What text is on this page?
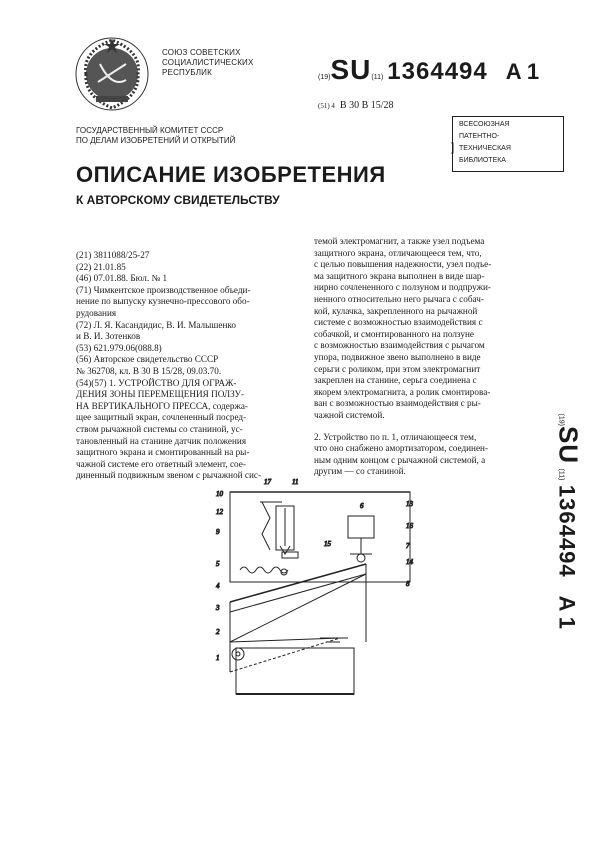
СОЮЗ СОВЕТСКИХ
СОЦИАЛИСТИЧЕСКИХ
РЕСПУБЛИК
(19)SU(11) 1364494 A 1
(51) 4 B 30 B 15/28
ГОСУДАРСТВЕННЫЙ КОМИТЕТ СССР
ПО ДЕЛАМ ИЗОБРЕТЕНИЙ И ОТКРЫТИЙ	]
ВСЕСОЮЗНАЯ
ПАТЕНТНО-
ТЕХНИЧЕСКАЯ
БИБЛИОТЕКА
ОПИСАНИЕ ИЗОБРЕТЕНИЯ
К АВТОРСКОМУ СВИДЕТЕЛЬСТВУ

(21) 3811088/25-27

(22) 21.01.85

(46) 07.01.88. Бюл. № 1

(71) Чимкентское производственное объеди-

нение по выпуску кузнечно-прессового обо-

рудования

(72) Л. Я. Касандидис, В. И. Малышенко

и В. И. Зотенков

(53) 621.979.06(088.8)

(56) Авторское свидетельство СССР

№ 362708, кл. В 30 В 15/28, 09.03.70.

(54)(57) 1. УСТРОЙСТВО ДЛЯ ОГРАЖ-

ДЕНИЯ ЗОНЫ ПЕРЕМЕЩЕНИЯ ПОЛЗУ-

НА ВЕРТИКАЛЬНОГО ПРЕССА, содержа-

щее защитный экран, сочлененный посред-

ством рычажной системы со станиной, ус-

тановленный на станине датчик положения

защитного экрана и смонтированный на ры-

чажной системе его ответный элемент, сое-

диненный подвижным звеном с рычажной сис-

темой электромагнит, а также узел подъема

защитного экрана, отличающееся тем, что,

с целью повышения надежности, узел подъе-

ма защитного экрана выполнен в виде шар-

нирно сочлененного с ползуном и подпружи-

ненного относительно него рычага с собач-

кой, кулачка, закрепленного на рычажной

системе с возможностью взаимодействия с

собачкой, и смонтированного на ползуне

с возможностью взаимодействия с рычагом

упора, подвижное звено выполнено в виде

серьги с роликом, при этом электромагнит

закреплен на станине, серьга соединена с

якорем электромагнита, а ролик смонтирова-

ван с возможностью взаимодействия с ры-

чажной системой.

2. Устройство по п. 1, отличающееся тем,

что оно снабжено амортизатором, соединен-

ным одним концом с рычажной системой, а

другим — со станиной.

(19)SU (11) 1364494A 1
17	11
10
12
9
13
6
15
16
7
5	14
8
4
3
2
1
